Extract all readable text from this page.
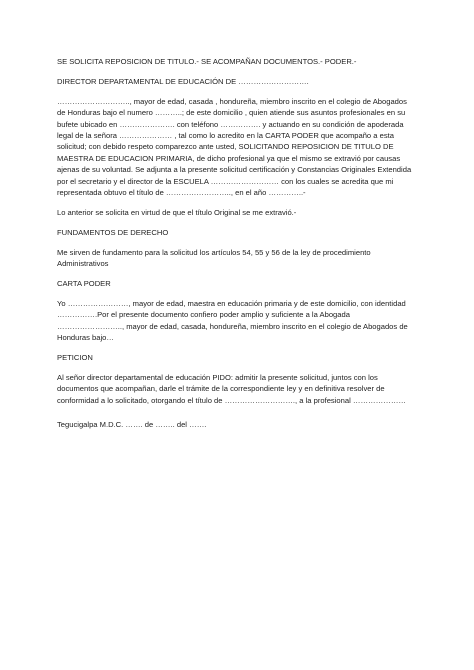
SE SOLICITA REPOSICION DE TITULO.- SE ACOMPAÑAN DOCUMENTOS.- PODER.-

DIRECTOR DEPARTAMENTAL DE EDUCACIÓN DE ……………………….

……………………….., mayor de edad, casada , hondureña, miembro inscrito en el colegio de Abogados de Honduras bajo el numero ………..; de este domicilio , quien atiende sus asuntos profesionales en su bufete ubicado en …………………. con teléfono ……………. y actuando en su condición de apoderada legal de la señora ………………… , tal como lo acredito en la CARTA PODER que acompaño a esta solicitud; con debido respeto comparezco ante usted, SOLICITANDO REPOSICION DE TITULO DE MAESTRA DE EDUCACION PRIMARIA, de dicho profesional ya que el mismo se extravió por causas ajenas de su voluntad. Se adjunta a la presente solicitud certificación y Constancias Originales Extendida por el secretario y el director de la ESCUELA ……………………… con los cuales se acredita que mi representada obtuvo el título de …………………….., en el año …………..-

Lo anterior se solicita en virtud de que el título Original se me extravió.-

FUNDAMENTOS DE DERECHO

Me sirven de fundamento para la solicitud los artículos 54, 55 y 56 de la ley de procedimiento Administrativos

CARTA PODER

Yo ……………………, mayor de edad, maestra en educación primaria y de este domicilio, con identidad …………….Por el presente documento confiero poder amplio y suficiente a la Abogada …………………….., mayor de edad, casada, hondureña, miembro inscrito en el colegio de Abogados de Honduras bajo…

PETICION

Al señor director departamental de educación PIDO: admitir la presente solicitud, juntos con los documentos que acompañan, darle el trámite de la correspondiente ley y en definitiva resolver de conformidad a lo solicitado, otorgando el título de ………………………., a la profesional …………………

Tegucigalpa M.D.C. ……. de …….. del …….
